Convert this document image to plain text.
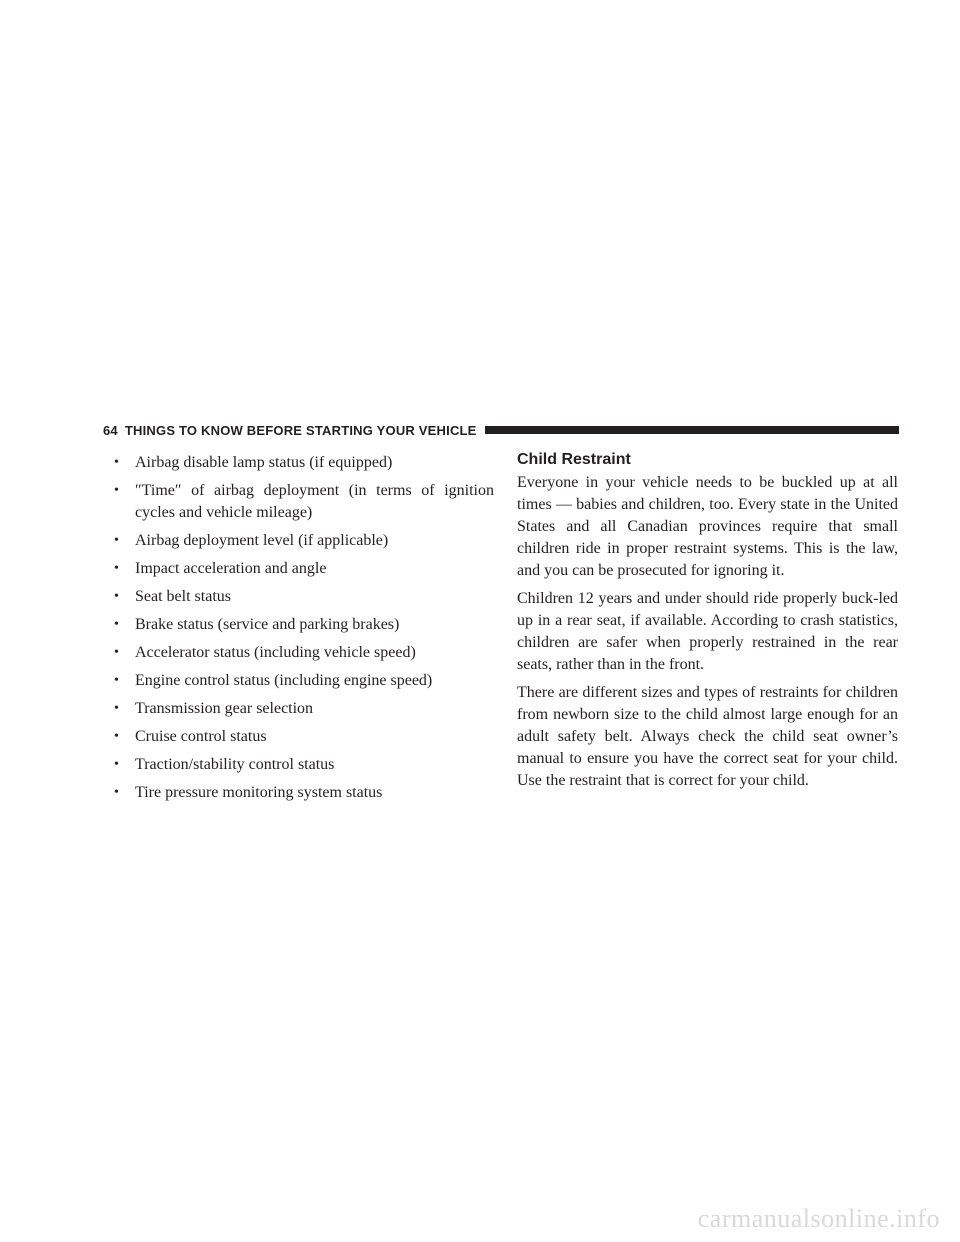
64 THINGS TO KNOW BEFORE STARTING YOUR VEHICLE
• Airbag disable lamp status (if equipped)
• ″Time″ of airbag deployment (in terms of ignition cycles and vehicle mileage)
• Airbag deployment level (if applicable)
• Impact acceleration and angle
• Seat belt status
• Brake status (service and parking brakes)
• Accelerator status (including vehicle speed)
• Engine control status (including engine speed)
• Transmission gear selection
• Cruise control status
• Traction/stability control status
• Tire pressure monitoring system status
Child Restraint

Everyone in your vehicle needs to be buckled up at all times — babies and children, too. Every state in the United States and all Canadian provinces require that small children ride in proper restraint systems. This is the law, and you can be prosecuted for ignoring it.

Children 12 years and under should ride properly buck-led up in a rear seat, if available. According to crash statistics, children are safer when properly restrained in the rear seats, rather than in the front.

There are different sizes and types of restraints for children from newborn size to the child almost large enough for an adult safety belt. Always check the child seat owner’s manual to ensure you have the correct seat for your child. Use the restraint that is correct for your child.

carmanualsonline.info
